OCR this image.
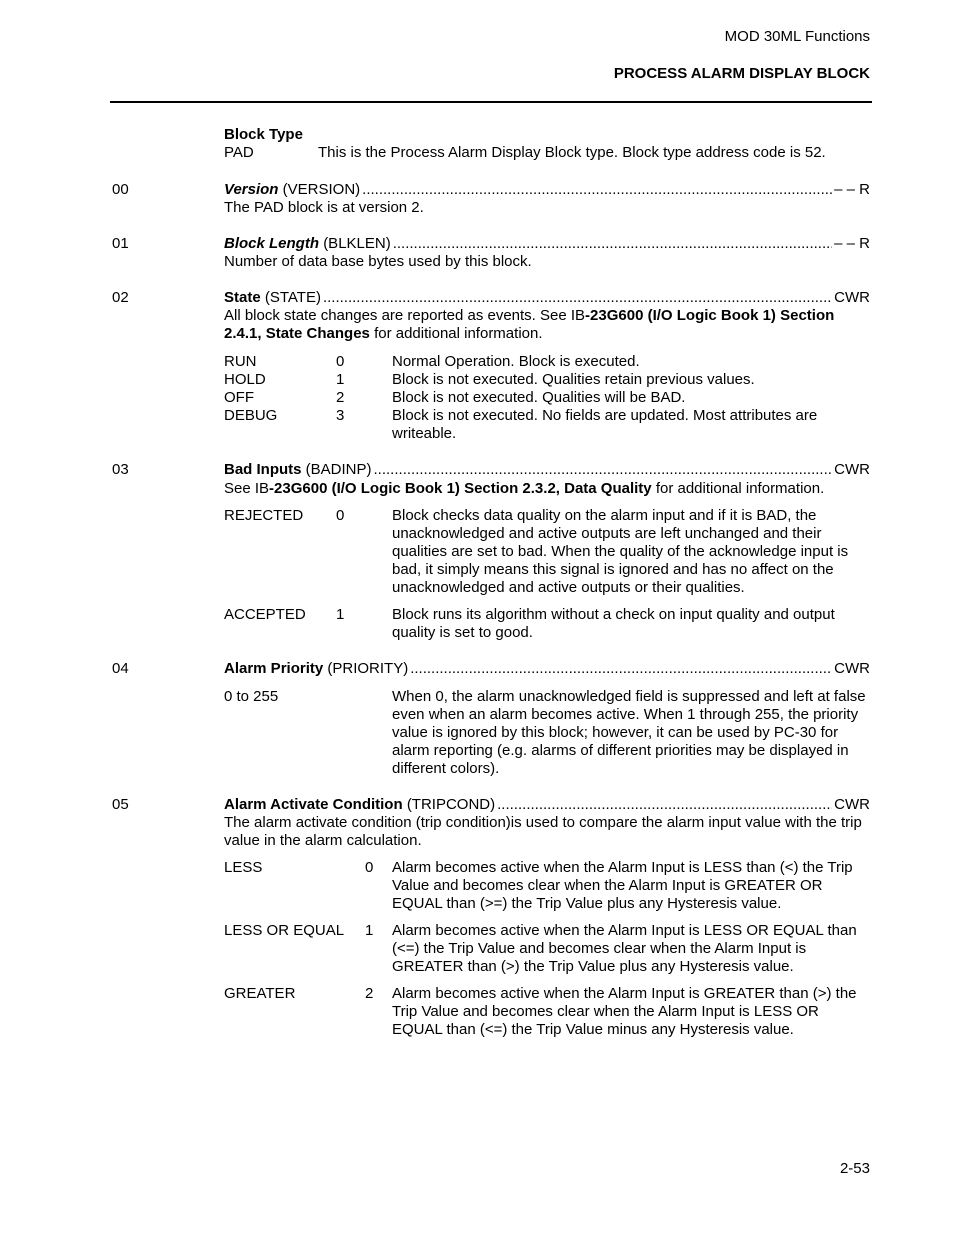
MOD 30ML Functions
PROCESS ALARM DISPLAY BLOCK
Block Type
PAD	This is the Process Alarm Display Block type. Block type address code is 52.
00	Version
(VERSION) .....	– – R
The PAD block is at version 2.
01	Block Length
(BLKLEN) .....	– – R
Number of data base bytes used by this block.
02	State
(STATE) .....	CWR
All block state changes are reported as events. See IB-23G600 (I/O Logic Book 1) Section 2.4.1, State Changes for additional information.
RUN	0	Normal Operation. Block is executed.
HOLD	1	Block is not executed. Qualities retain previous values.
OFF	2	Block is not executed. Qualities will be BAD.
DEBUG	3	Block is not executed. No fields are updated. Most attributes are writeable.
03	Bad Inputs
(BADINP) .....	CWR
See IB-23G600 (I/O Logic Book 1) Section 2.3.2, Data Quality for additional information.
REJECTED 0	Block checks data quality on the alarm input and if it is BAD, the unacknowledged and active outputs are left unchanged and their qualities are set to bad. When the quality of the acknowledge input is bad, it simply means this signal is ignored and has no affect on the unacknowledged and active outputs or their qualities.
ACCEPTED 1	Block runs its algorithm without a check on input quality and output quality is set to good.
04	Alarm Priority
(PRIORITY) .....	CWR
0 to 255	When 0, the alarm unacknowledged field is suppressed and left at false even when an alarm becomes active. When 1 through 255, the priority value is ignored by this block; however, it can be used by PC-30 for alarm reporting (e.g. alarms of different priorities may be displayed in different colors).
05	Alarm Activate Condition
(TRIPCOND) .....	CWR
The alarm activate condition (trip condition)is used to compare the alarm input value with the trip value in the alarm calculation.
LESS	0 Alarm becomes active when the Alarm Input is LESS than (<) the Trip Value and becomes clear when the Alarm Input is GREATER OR EQUAL than (>=) the Trip Value plus any Hysteresis value.
LESS OR EQUAL 1 Alarm becomes active when the Alarm Input is LESS OR EQUAL than (<=) the Trip Value and becomes clear when the Alarm Input is GREATER than (>) the Trip Value plus any Hysteresis value.
GREATER	2 Alarm becomes active when the Alarm Input is GREATER than (>) the Trip Value and becomes clear when the Alarm Input is LESS OR EQUAL than (<=) the Trip Value minus any Hysteresis value.
2-53
